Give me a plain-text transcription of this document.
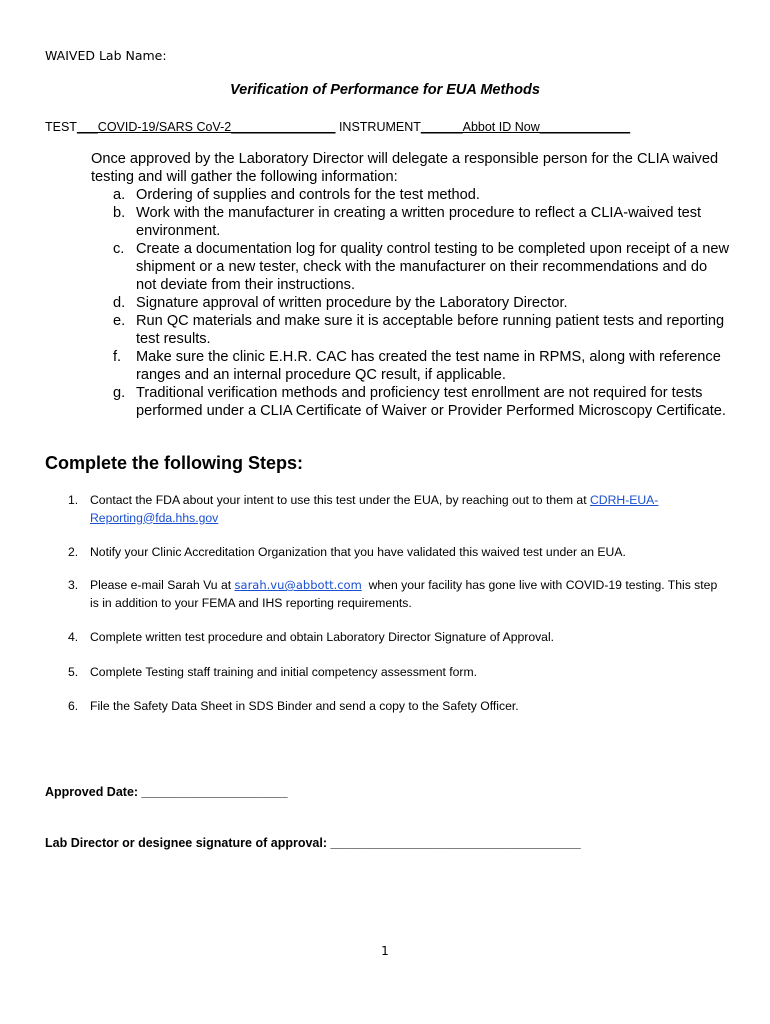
WAIVED Lab Name:
Verification of Performance for EUA Methods
TEST___COVID-19/SARS CoV-2_______________ INSTRUMENT______Abbot ID Now_____________

Once approved by the Laboratory Director will delegate a responsible person for the CLIA waived testing and will gather the following information:

a. Ordering of supplies and controls for the test method.
b. Work with the manufacturer in creating a written procedure to reflect a CLIA-waived test environment.
c. Create a documentation log for quality control testing to be completed upon receipt of a new shipment or a new tester, check with the manufacturer on their recommendations and do not deviate from their instructions.
d. Signature approval of written procedure by the Laboratory Director.
e. Run QC materials and make sure it is acceptable before running patient tests and reporting test results.
f. Make sure the clinic E.H.R. CAC has created the test name in RPMS, along with reference ranges and an internal procedure QC result, if applicable.
g. Traditional verification methods and proficiency test enrollment are not required for tests performed under a CLIA Certificate of Waiver or Provider Performed Microscopy Certificate.
Complete the following Steps:
1. Contact the FDA about your intent to use this test under the EUA, by reaching out to them at CDRH-EUA-Reporting@fda.hhs.gov
2. Notify your Clinic Accreditation Organization that you have validated this waived test under an EUA.
3. Please e-mail Sarah Vu at sarah.vu@abbott.com  when your facility has gone live with COVID-19 testing. This step is in addition to your FEMA and IHS reporting requirements.
4. Complete written test procedure and obtain Laboratory Director Signature of Approval.
5. Complete Testing staff training and initial competency assessment form.
6. File the Safety Data Sheet in SDS Binder and send a copy to the Safety Officer.
Approved Date: _____________________
Lab Director or designee signature of approval: ____________________________________
1
